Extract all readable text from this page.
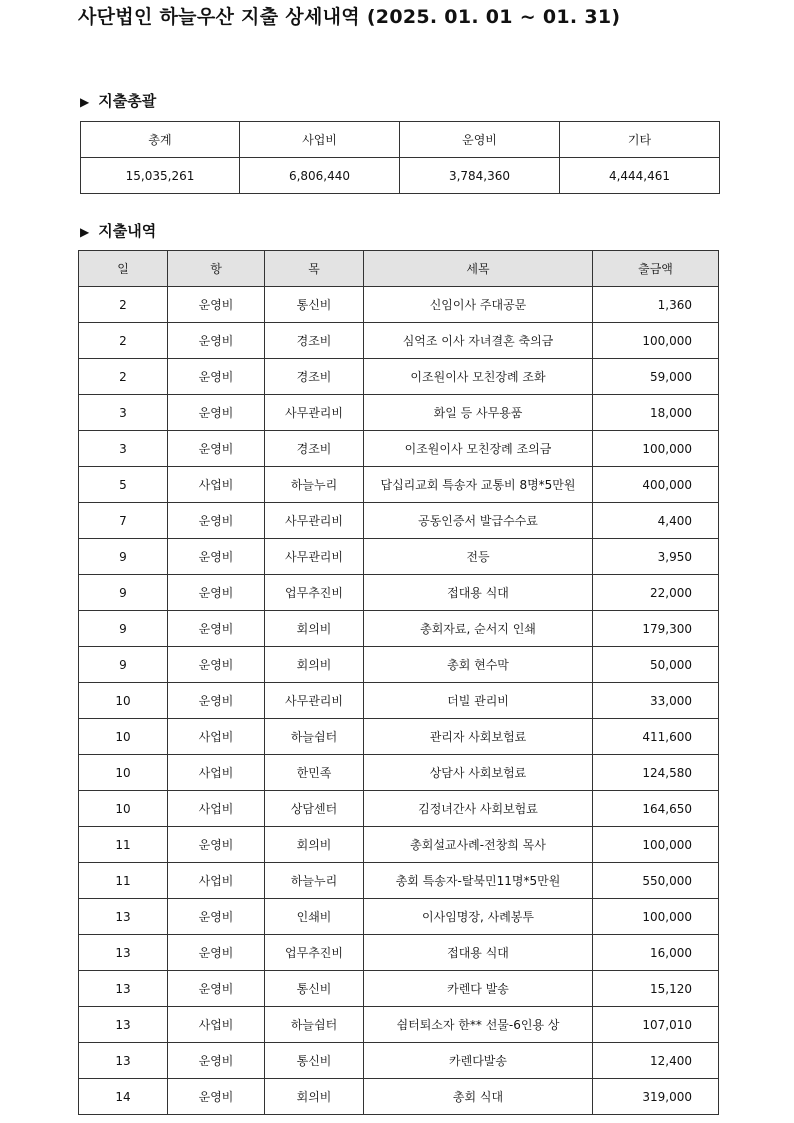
사단법인 하늘우산 지출 상세내역 (2025. 01. 01 ~ 01. 31)
▶ 지출총괄
총계	사업비	운영비	기타
15,035,261	6,806,440	3,784,360	4,444,461
▶ 지출내역
일	항	목	세목	출금액
2	운영비	통신비	신임이사 주대공문	1,360
2	운영비	경조비	심억조 이사 자녀결혼 축의금	100,000
2	운영비	경조비	이조원이사 모친장례 조화	59,000
3	운영비	사무관리비	화일 등 사무용품	18,000
3	운영비	경조비	이조원이사 모친장례 조의금	100,000
5	사업비	하늘누리	답십리교회 특송자 교통비 8명*5만원	400,000
7	운영비	사무관리비	공동인증서 발급수수료	4,400
9	운영비	사무관리비	전등	3,950
9	운영비	업무추진비	접대용 식대	22,000
9	운영비	회의비	총회자료, 순서지 인쇄	179,300
9	운영비	회의비	총회 현수막	50,000
10	운영비	사무관리비	더빌 관리비	33,000
10	사업비	하늘쉼터	관리자 사회보험료	411,600
10	사업비	한민족	상담사 사회보험료	124,580
10	사업비	상담센터	김정녀간사 사회보험료	164,650
11	운영비	회의비	총회설교사례-전창희 목사	100,000
11	사업비	하늘누리	총회 특송자-탈북민11명*5만원	550,000
13	운영비	인쇄비	이사임명장, 사례봉투	100,000
13	운영비	업무추진비	접대용 식대	16,000
13	운영비	통신비	카렌다 발송	15,120
13	사업비	하늘쉼터	쉼터퇴소자 한** 선물-6인용 상	107,010
13	운영비	통신비	카렌다발송	12,400
14	운영비	회의비	총회 식대	319,000
